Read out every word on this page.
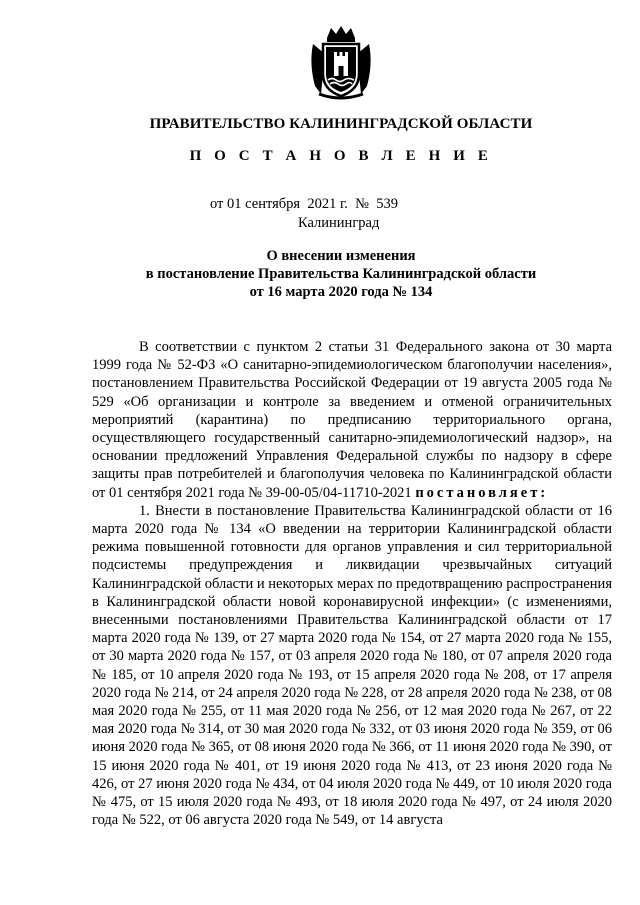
ПРАВИТЕЛЬСТВО КАЛИНИНГРАДСКОЙ ОБЛАСТИ
П О С Т А Н О В Л Е Н И Е
от 01 сентября  2021 г.  №  539
Калининград
О внесении изменения
в постановление Правительства Калининградской области
от 16 марта 2020 года № 134

В соответствии с пунктом 2 статьи 31 Федерального закона от 30 марта 1999 года № 52-ФЗ «О санитарно-эпидемиологическом благополучии населения», постановлением Правительства Российской Федерации от 19 августа 2005 года № 529 «Об организации и контроле за введением и отменой ограничительных мероприятий (карантина) по предписанию территориального органа, осуществляющего государственный санитарно-эпидемиологический надзор», на основании предложений Управления Федеральной службы по надзору в сфере защиты прав потребителей и благополучия человека по Калининградской области от 01 сентября 2021 года № 39-00-05/04-11710-2021 постановляет:

1. Внести в постановление Правительства Калининградской области от 16 марта 2020 года № 134 «О введении на территории Калининградской области режима повышенной готовности для органов управления и сил территориальной подсистемы предупреждения и ликвидации чрезвычайных ситуаций Калининградской области и некоторых мерах по предотвращению распространения в Калининградской области новой коронавирусной инфекции» (с изменениями, внесенными постановлениями Правительства Калининградской области от 17 марта 2020 года № 139, от 27 марта 2020 года № 154, от 27 марта 2020 года № 155, от 30 марта 2020 года № 157, от 03 апреля 2020 года № 180, от 07 апреля 2020 года № 185, от 10 апреля 2020 года № 193, от 15 апреля 2020 года № 208, от 17 апреля 2020 года № 214, от 24 апреля 2020 года № 228, от 28 апреля 2020 года № 238, от 08 мая 2020 года № 255, от 11 мая 2020 года № 256, от 12 мая 2020 года № 267, от 22 мая 2020 года № 314, от 30 мая 2020 года № 332, от 03 июня 2020 года № 359, от 06 июня 2020 года № 365, от 08 июня 2020 года № 366, от 11 июня 2020 года № 390, от 15 июня 2020 года № 401, от 19 июня 2020 года № 413, от 23 июня 2020 года № 426, от 27 июня 2020 года № 434, от 04 июля 2020 года № 449, от 10 июля 2020 года № 475, от 15 июля 2020 года № 493, от 18 июля 2020 года № 497, от 24 июля 2020 года № 522, от 06 августа 2020 года № 549, от 14 августа
